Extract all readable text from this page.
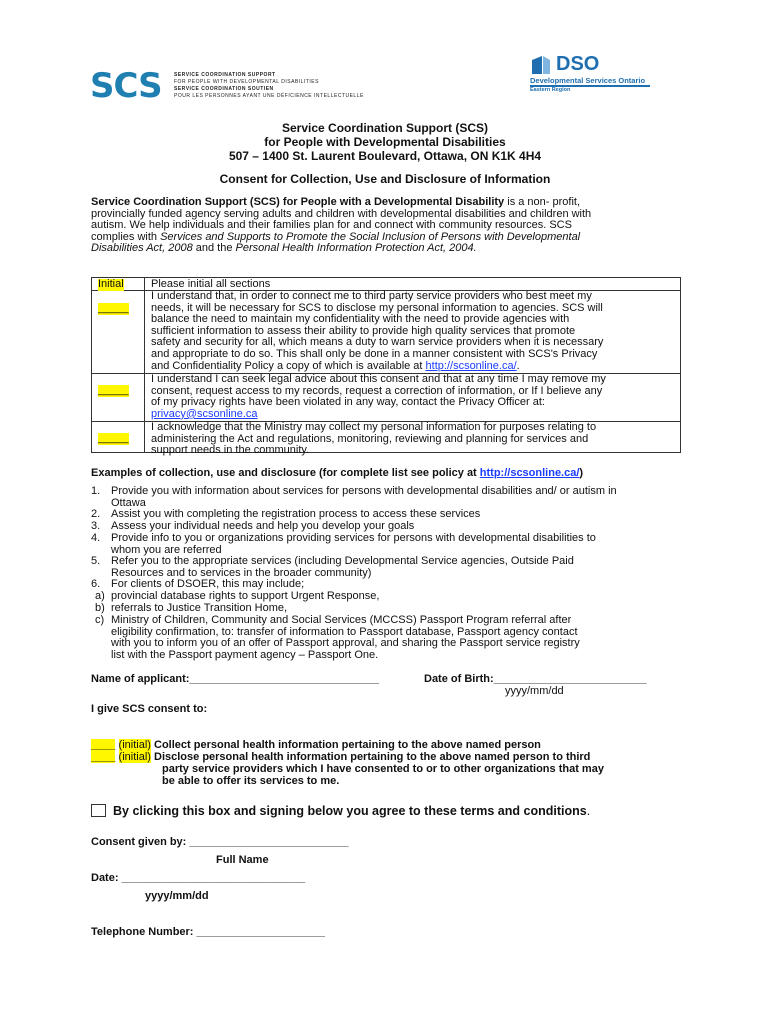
SCS SERVICE COORDINATION SUPPORT
FOR PEOPLE WITH DEVELOPMENTAL DISABILITIES
SERVICE COORDINATION SOUTIEN
POUR LES PERSONNES AYANT UNE DÉFICIENCE INTELLECTUELLE
DSO
Developmental Services Ontario
Eastern Region
Service Coordination Support (SCS)
for People with Developmental Disabilities
507 – 1400 St. Laurent Boulevard, Ottawa, ON K1K 4H4
Consent for Collection, Use and Disclosure of Information
Service Coordination Support (SCS) for People with a Developmental Disability is a non- profit,
provincially funded agency serving adults and children with developmental disabilities and children with
autism. We help individuals and their families plan for and connect with community resources. SCS
complies with Services and Supports to Promote the Social Inclusion of Persons with Developmental
Disabilities Act, 2008 and the Personal Health Information Protection Act, 2004.
Initial
_____
_____
_____
Please initial all sections
I understand that, in order to connect me to third party service providers who best meet my
needs, it will be necessary for SCS to disclose my personal information to agencies. SCS will
balance the need to maintain my confidentiality with the need to provide agencies with
sufficient information to assess their ability to provide high quality services that promote
safety and security for all, which means a duty to warn service providers when it is necessary
and appropriate to do so. This shall only be done in a manner consistent with SCS's Privacy
and Confidentiality Policy a copy of which is available at http://scsonline.ca/.
I understand I can seek legal advice about this consent and that at any time I may remove my
consent, request access to my records, request a correction of information, or If I believe any
of my privacy rights have been violated in any way, contact the Privacy Officer at:
privacy@scsonline.ca
I acknowledge that the Ministry may collect my personal information for purposes relating to
administering the Act and regulations, monitoring, reviewing and planning for services and
support needs in the community.
Examples of collection, use and disclosure (for complete list see policy at http://scsonline.ca/)
1. Provide you with information about services for persons with developmental disabilities and/ or autism in
Ottawa
2. Assist you with completing the registration process to access these services
3. Assess your individual needs and help you develop your goals
4. Provide info to you or organizations providing services for persons with developmental disabilities to
whom you are referred
5. Refer you to the appropriate services (including Developmental Service agencies, Outside Paid
Resources and to services in the broader community)
6. For clients of DSOER, this may include;
a) provincial database rights to support Urgent Response,
b) referrals to Justice Transition Home,
c) Ministry of Children, Community and Social Services (MCCSS) Passport Program referral after
eligibility confirmation, to: transfer of information to Passport database, Passport agency contact
with you to inform you of an offer of Passport approval, and sharing the Passport service registry
list with the Passport payment agency – Passport One.
Name of applicant:_______________________________	Date of Birth:_________________________
yyyy/mm/dd
I give SCS consent to:
____ (initial) Collect personal health information pertaining to the above named person
____ (initial) Disclose personal health information pertaining to the above named person to third
party service providers which I have consented to or to other organizations that may
be able to offer its services to me.
By clicking this box and signing below you agree to these terms and conditions.
Consent given by: __________________________
Full Name
Date: ______________________________
yyyy/mm/dd
Telephone Number: _____________________
